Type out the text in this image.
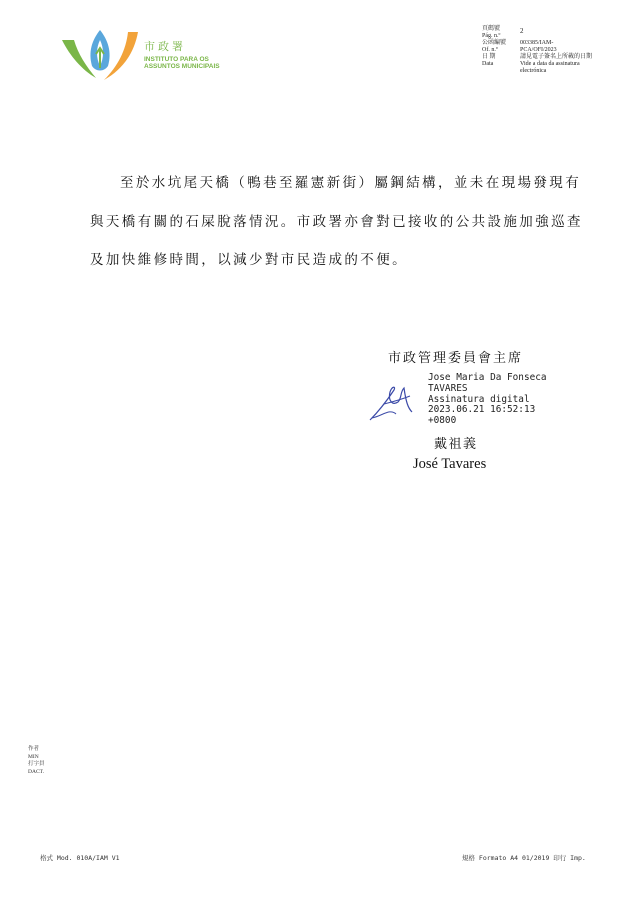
市政署
INSTITUTO PARA OS
ASSUNTOS MUNICIPAIS
頁碼號
Pág. n.º
2
公函編號
Of. n.º
003385/IAM-
PCA/OFI/2023
日 期
Data
請見電子簽名上所載的日期
Vide a data da assinatura
electrónica
至於水坑尾天橋（鴨巷至羅憲新街）屬鋼結構，並未在現場發現有與天橋有關的石屎脫落情況。市政署亦會對已接收的公共設施加強巡查及加快維修時間，以減少對市民造成的不便。
市政管理委員會主席
Jose Maria Da Fonseca
TAVARES
Assinatura digital
2023.06.21 16:52:13
+0800
戴祖義
José Tavares
作者
MIN
打字員
DACT.
格式 Mod. 010A/IAM V1	規格 Formato A4 01/2019 印行 Imp.
